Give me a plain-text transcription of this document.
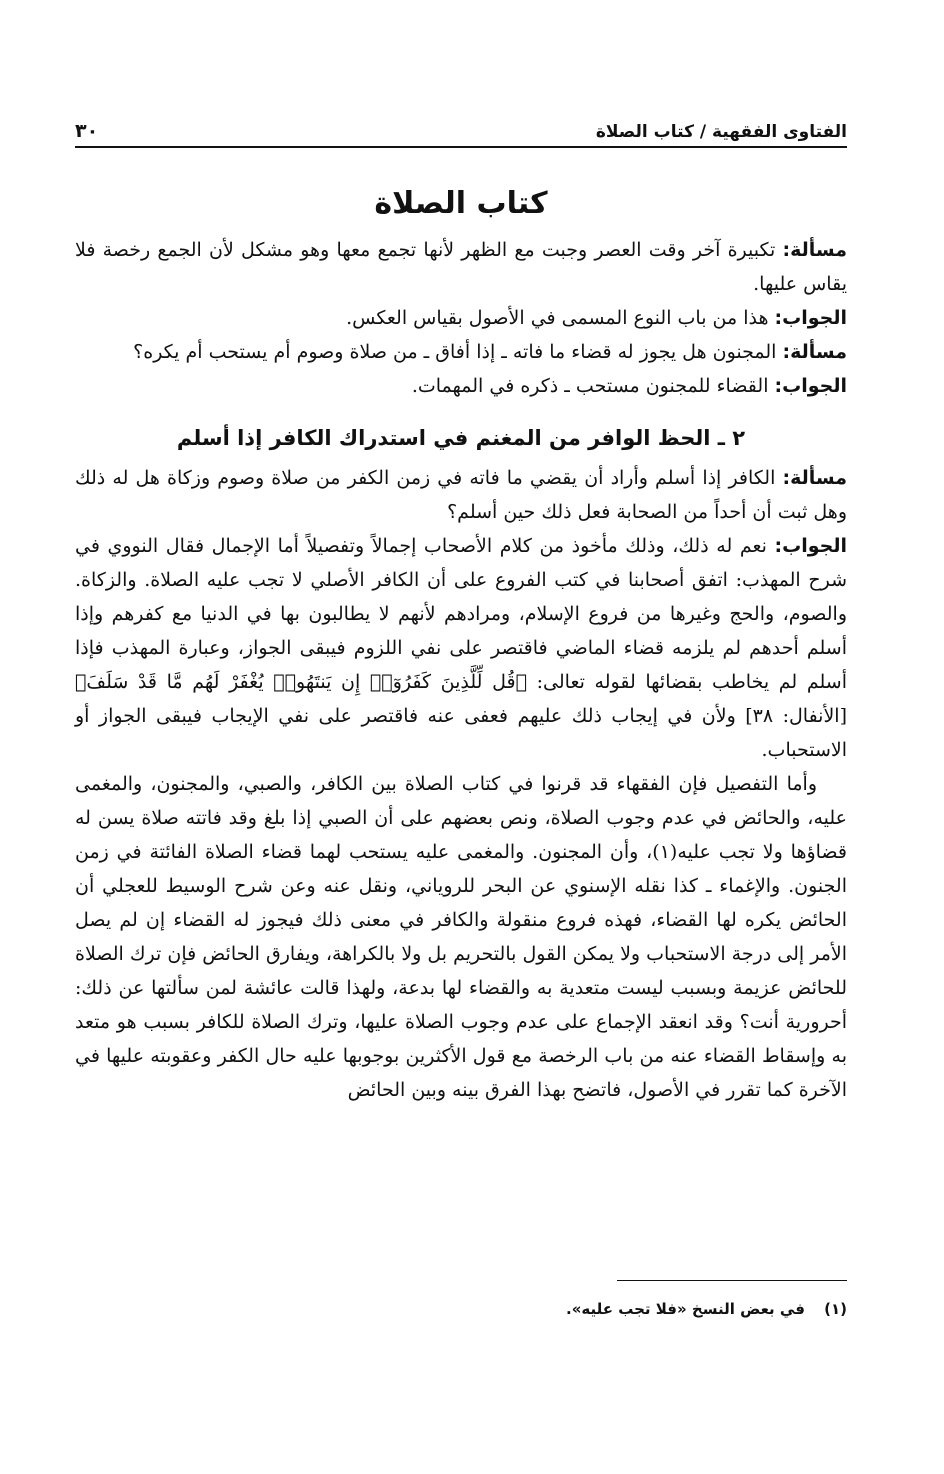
الفتاوى الفقهية / كتاب الصلاة
٣٠
كتاب الصلاة

مسألة: تكبيرة آخر وقت العصر وجبت مع الظهر لأنها تجمع معها وهو مشكل لأن الجمع رخصة فلا يقاس عليها.

الجواب: هذا من باب النوع المسمى في الأصول بقياس العكس.

مسألة: المجنون هل يجوز له قضاء ما فاته ـ إذا أفاق ـ من صلاة وصوم أم يستحب أم يكره؟

الجواب: القضاء للمجنون مستحب ـ ذكره في المهمات.

٢ ـ الحظ الوافر من المغنم في استدراك الكافر إذا أسلم

مسألة: الكافر إذا أسلم وأراد أن يقضي ما فاته في زمن الكفر من صلاة وصوم وزكاة هل له ذلك وهل ثبت أن أحداً من الصحابة فعل ذلك حين أسلم؟

الجواب: نعم له ذلك، وذلك مأخوذ من كلام الأصحاب إجمالاً وتفصيلاً أما الإجمال فقال النووي في شرح المهذب: اتفق أصحابنا في كتب الفروع على أن الكافر الأصلي لا تجب عليه الصلاة. والزكاة. والصوم، والحج وغيرها من فروع الإسلام، ومرادهم لأنهم لا يطالبون بها في الدنيا مع كفرهم وإذا أسلم أحدهم لم يلزمه قضاء الماضي فاقتصر على نفي اللزوم فيبقى الجواز، وعبارة المهذب فإذا أسلم لم يخاطب بقضائها لقوله تعالى: ﴿قُل لِّلَّذِينَ كَفَرُوٓا۟ إِن يَنتَهُوا۟ يُغْفَرْ لَهُم مَّا قَدْ سَلَفَ﴾ [الأنفال: ٣٨] ولأن في إيجاب ذلك عليهم فعفى عنه فاقتصر على نفي الإيجاب فيبقى الجواز أو الاستحباب.

وأما التفصيل فإن الفقهاء قد قرنوا في كتاب الصلاة بين الكافر، والصبي، والمجنون، والمغمى عليه، والحائض في عدم وجوب الصلاة، ونص بعضهم على أن الصبي إذا بلغ وقد فاتته صلاة يسن له قضاؤها ولا تجب عليه(١)، وأن المجنون. والمغمى عليه يستحب لهما قضاء الصلاة الفائتة في زمن الجنون. والإغماء ـ كذا نقله الإسنوي عن البحر للروياني، ونقل عنه وعن شرح الوسيط للعجلي أن الحائض يكره لها القضاء، فهذه فروع منقولة والكافر في معنى ذلك فيجوز له القضاء إن لم يصل الأمر إلى درجة الاستحباب ولا يمكن القول بالتحريم بل ولا بالكراهة، ويفارق الحائض فإن ترك الصلاة للحائض عزيمة وبسبب ليست متعدية به والقضاء لها بدعة، ولهذا قالت عائشة لمن سألتها عن ذلك: أحرورية أنت؟ وقد انعقد الإجماع على عدم وجوب الصلاة عليها، وترك الصلاة للكافر بسبب هو متعد به وإسقاط القضاء عنه من باب الرخصة مع قول الأكثرين بوجوبها عليه حال الكفر وعقوبته عليها في الآخرة كما تقرر في الأصول، فاتضح بهذا الفرق بينه وبين الحائض

(١) في بعض النسخ «فلا تجب عليه».
